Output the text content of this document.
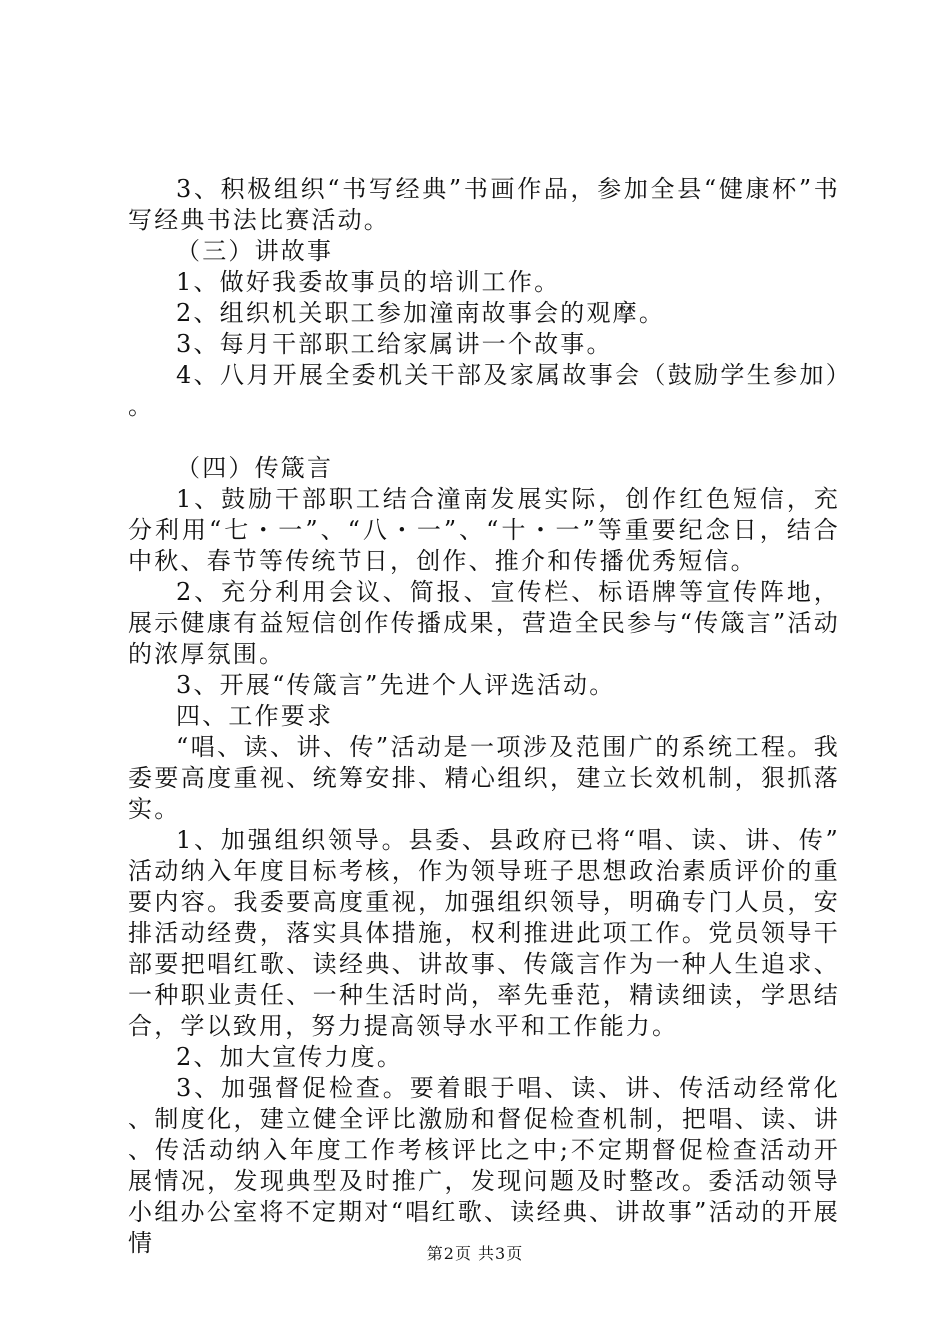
3、积极组织“书写经典”书画作品，参加全县“健康杯”书写经典书法比赛活动。

（三）讲故事

1、做好我委故事员的培训工作。

2、组织机关职工参加潼南故事会的观摩。

3、每月干部职工给家属讲一个故事。

4、八月开展全委机关干部及家属故事会（鼓励学生参加）。

（四）传箴言

1、鼓励干部职工结合潼南发展实际，创作红色短信，充分利用“七・一”、“八・一”、“十・一”等重要纪念日，结合中秋、春节等传统节日，创作、推介和传播优秀短信。

2、充分利用会议、简报、宣传栏、标语牌等宣传阵地，展示健康有益短信创作传播成果，营造全民参与“传箴言”活动的浓厚氛围。

3、开展“传箴言”先进个人评选活动。

四、工作要求

“唱、读、讲、传”活动是一项涉及范围广的系统工程。我委要高度重视、统筹安排、精心组织，建立长效机制，狠抓落实。

1、加强组织领导。县委、县政府已将“唱、读、讲、传”活动纳入年度目标考核，作为领导班子思想政治素质评价的重要内容。我委要高度重视，加强组织领导，明确专门人员，安排活动经费，落实具体措施，权利推进此项工作。党员领导干部要把唱红歌、读经典、讲故事、传箴言作为一种人生追求、一种职业责任、一种生活时尚，率先垂范，精读细读，学思结合，学以致用，努力提高领导水平和工作能力。

2、加大宣传力度。

3、加强督促检查。要着眼于唱、读、讲、传活动经常化、制度化，建立健全评比激励和督促检查机制，把唱、读、讲、传活动纳入年度工作考核评比之中;不定期督促检查活动开展情况，发现典型及时推广，发现问题及时整改。委活动领导小组办公室将不定期对“唱红歌、读经典、讲故事”活动的开展情	第2页 共3页
